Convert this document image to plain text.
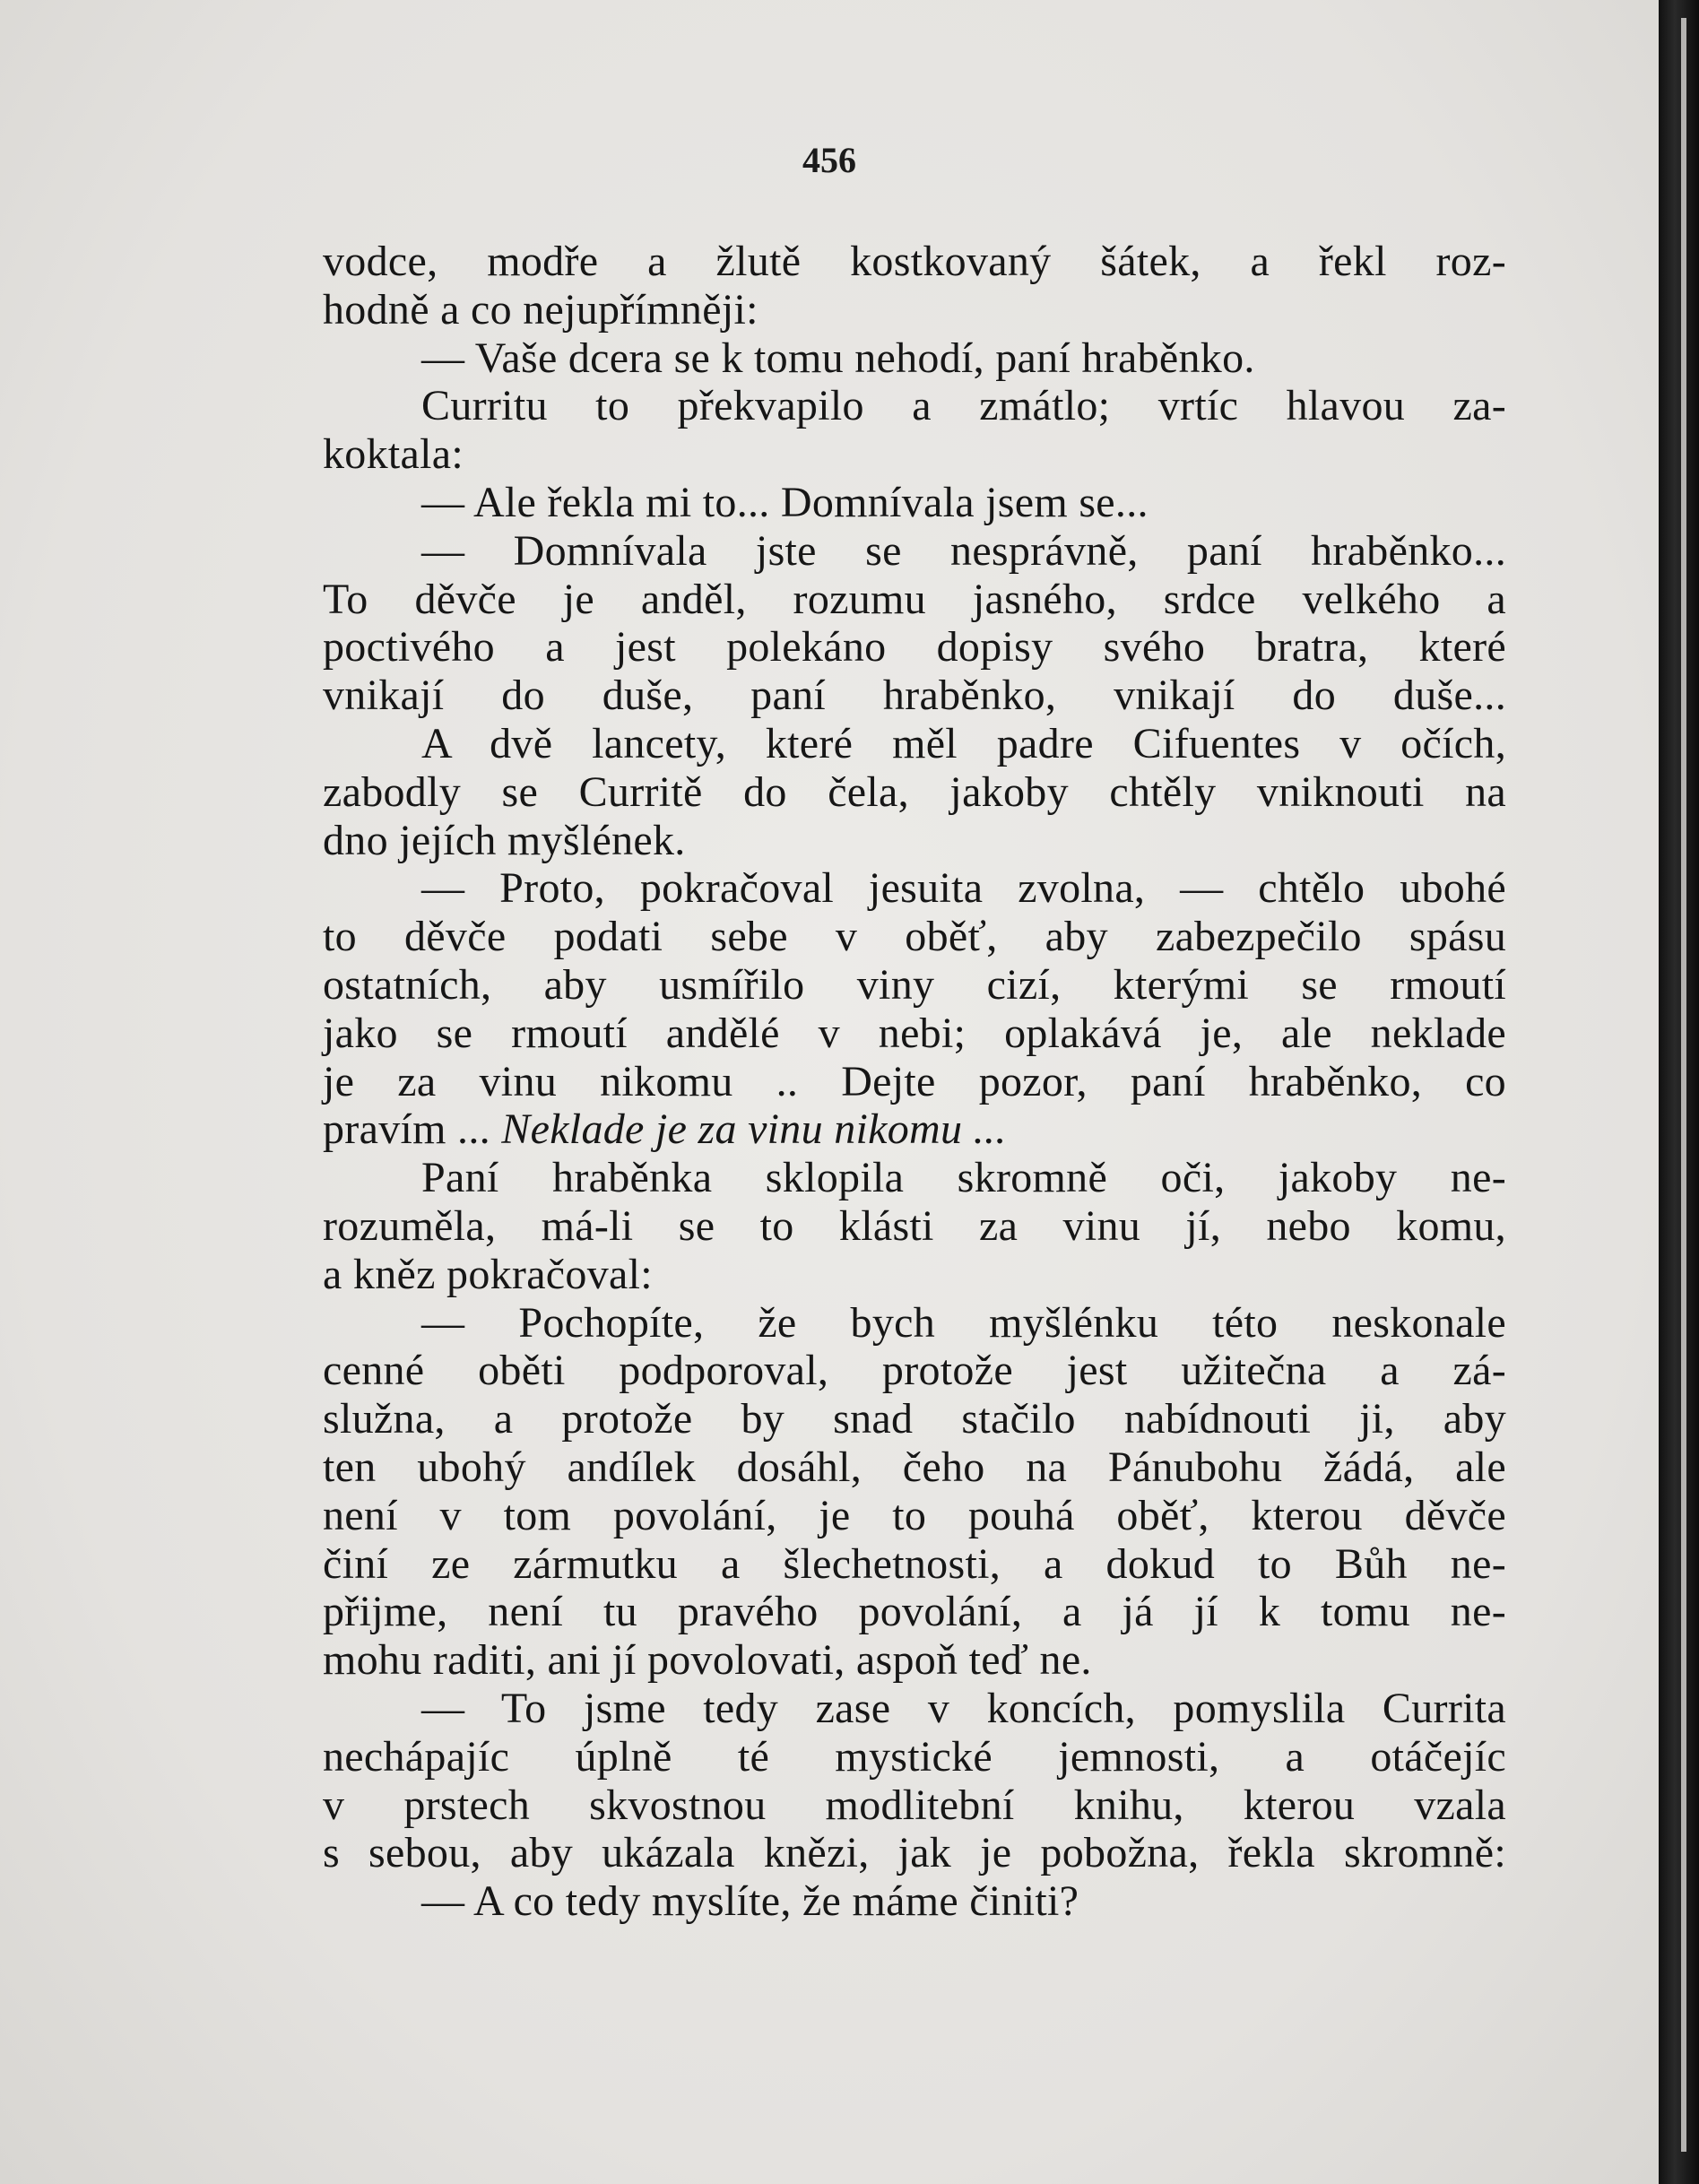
456
vodce, modře a žlutě kostkovaný šátek, a řekl roz-
hodně a co nejupřímněji:
— Vaše dcera se k tomu nehodí, paní hraběnko.
Curritu to překvapilo a zmátlo; vrtíc hlavou za-
koktala:
— Ale řekla mi to... Domnívala jsem se...
— Domnívala jste se nesprávně, paní hraběnko...
To děvče je anděl, rozumu jasného, srdce velkého a
poctivého a jest polekáno dopisy svého bratra, které
vnikají do duše, paní hraběnko, vnikají do duše...
A dvě lancety, které měl padre Cifuentes v očích,
zabodly se Curritě do čela, jakoby chtěly vniknouti na
dno jejích myšlének.
— Proto, pokračoval jesuita zvolna, — chtělo ubohé
to děvče podati sebe v oběť, aby zabezpečilo spásu
ostatních, aby usmířilo viny cizí, kterými se rmoutí
jako se rmoutí andělé v nebi; oplakává je, ale neklade
je za vinu nikomu .. Dejte pozor, paní hraběnko, co
pravím ... Neklade je za vinu nikomu ...
Paní hraběnka sklopila skromně oči, jakoby ne-
rozuměla, má-li se to klásti za vinu jí, nebo komu,
a kněz pokračoval:
— Pochopíte, že bych myšlénku této neskonale
cenné oběti podporoval, protože jest užitečna a zá-
služna, a protože by snad stačilo nabídnouti ji, aby
ten ubohý andílek dosáhl, čeho na Pánubohu žádá, ale
není v tom povolání, je to pouhá oběť, kterou děvče
činí ze zármutku a šlechetnosti, a dokud to Bůh ne-
přijme, není tu pravého povolání, a já jí k tomu ne-
mohu raditi, ani jí povolovati, aspoň teď ne.
— To jsme tedy zase v koncích, pomyslila Currita
nechápajíc úplně té mystické jemnosti, a otáčejíc
v prstech skvostnou modlitební knihu, kterou vzala
s sebou, aby ukázala knězi, jak je pobožna, řekla skromně:
— A co tedy myslíte, že máme činiti?
